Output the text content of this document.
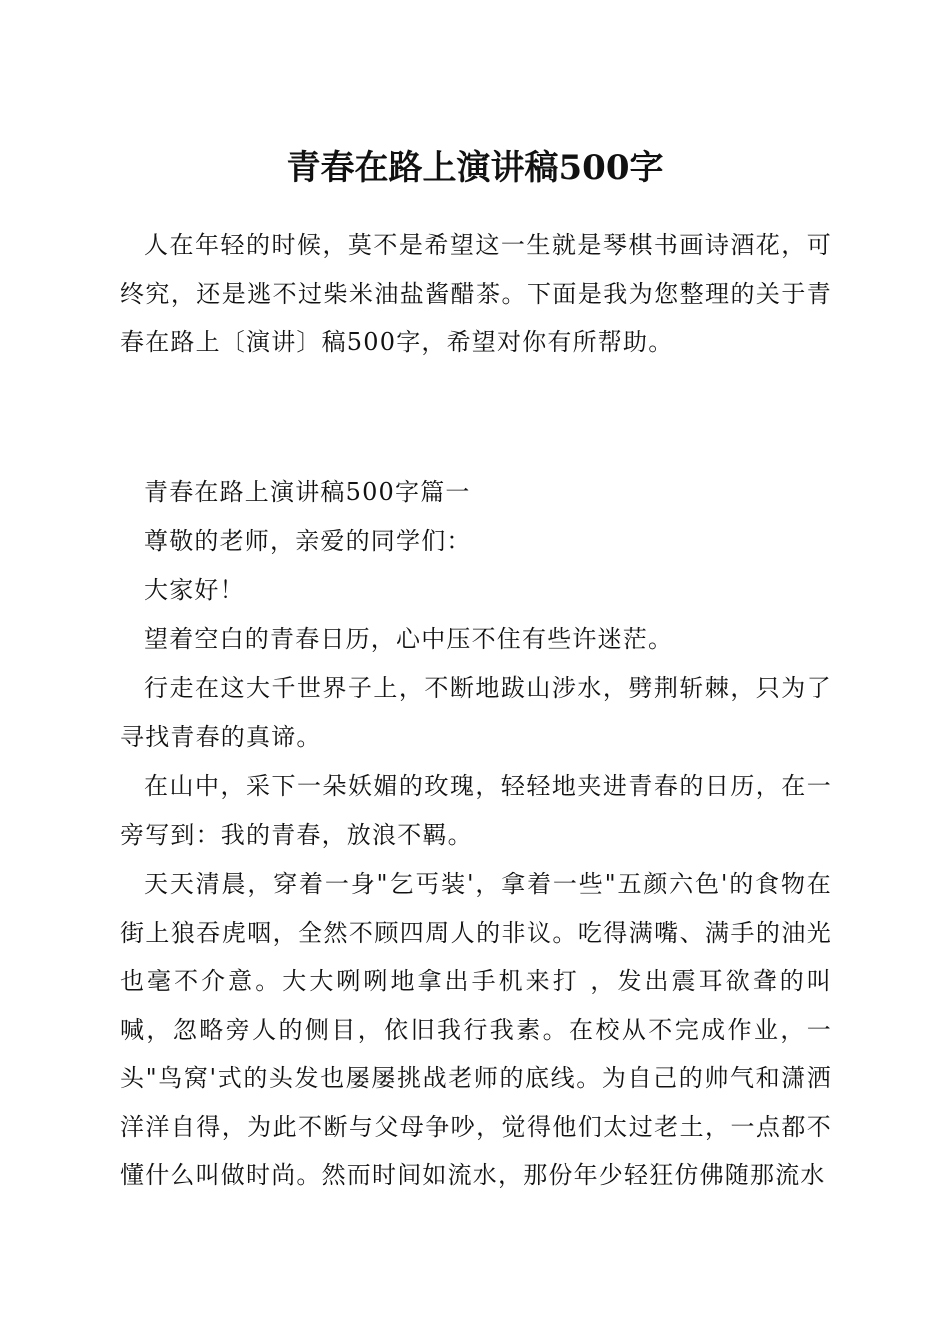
青春在路上演讲稿500字

人在年轻的时候，莫不是希望这一生就是琴棋书画诗酒花，可终究，还是逃不过柴米油盐酱醋茶。下面是我为您整理的关于青春在路上〔演讲〕稿500字，希望对你有所帮助。

青春在路上演讲稿500字篇一

尊敬的老师，亲爱的同学们：

大家好！

望着空白的青春日历，心中压不住有些许迷茫。

行走在这大千世界子上，不断地跋山涉水，劈荆斩棘，只为了寻找青春的真谛。

在山中，采下一朵妖媚的玫瑰，轻轻地夹进青春的日历，在一旁写到：我的青春，放浪不羁。

天天清晨，穿着一身"乞丐装'，拿着一些"五颜六色'的食物在街上狼吞虎咽，全然不顾四周人的非议。吃得满嘴、满手的油光也毫不介意。大大咧咧地拿出手机来打 ，发出震耳欲聋的叫喊，忽略旁人的侧目，依旧我行我素。在校从不完成作业，一头"鸟窝'式的头发也屡屡挑战老师的底线。为自己的帅气和潇洒洋洋自得，为此不断与父母争吵，觉得他们太过老土，一点都不懂什么叫做时尚。然而时间如流水，那份年少轻狂仿佛随那流水
